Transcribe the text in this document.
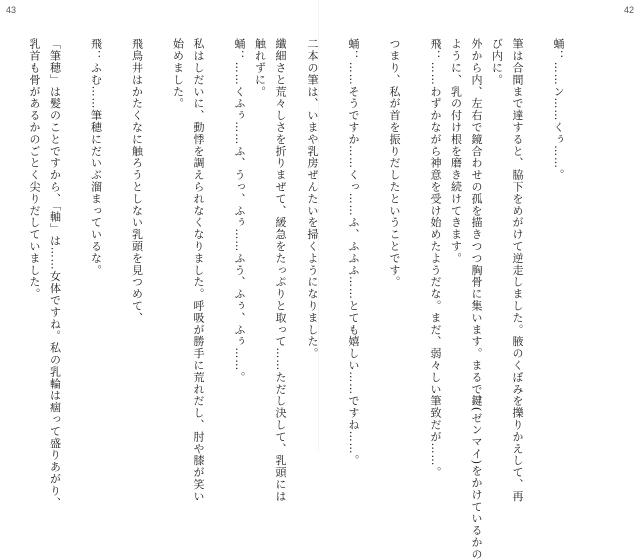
43	42
蛹：……ン……くぅ……。
筆は合間まで達すると、脇下をめがけて逆走しました。腋のくぼみを擽りかえして、再
び内に。
外から内、左右で鏡合わせの孤を描きつつ胸骨に集います。まるで鍵(ゼンマイ)をかけているかの
ように、乳の付け根を磨き続けてきます。
飛：……わずかながら神意を受け始めたようだな。まだ、弱々しい筆致だが……。
つまり、私が首を振りだしたということです。
蛹：……そうですか……くっ……ふ、ふふふ……とても嬉しい……ですね……。
二本の筆は、いまや乳房ぜんたいを掃くようになりました。
纖細さと荒々しさを折りまぜて、緩急をたっぷりと取って……ただし決して、乳頭には
触れずに。
蛹：……くふぅ……ふ、うっ、ふぅ……ふう、ふぅ、ふぅ……。
私はしだいに、動悸を調えられなくなりました。呼吸が勝手に荒れだし、肘や膝が笑い
始めました。
飛鳥井はかたくなに触ろうとしない乳頭を見つめて、
飛：ふむ……筆穂にだいぶ溜まっているな。
「筆穂」は髪のことですから、「軸」は……女体ですね。私の乳輪は痼って盛りあがり、
乳首も骨があるかのごとく尖りだしていました。
